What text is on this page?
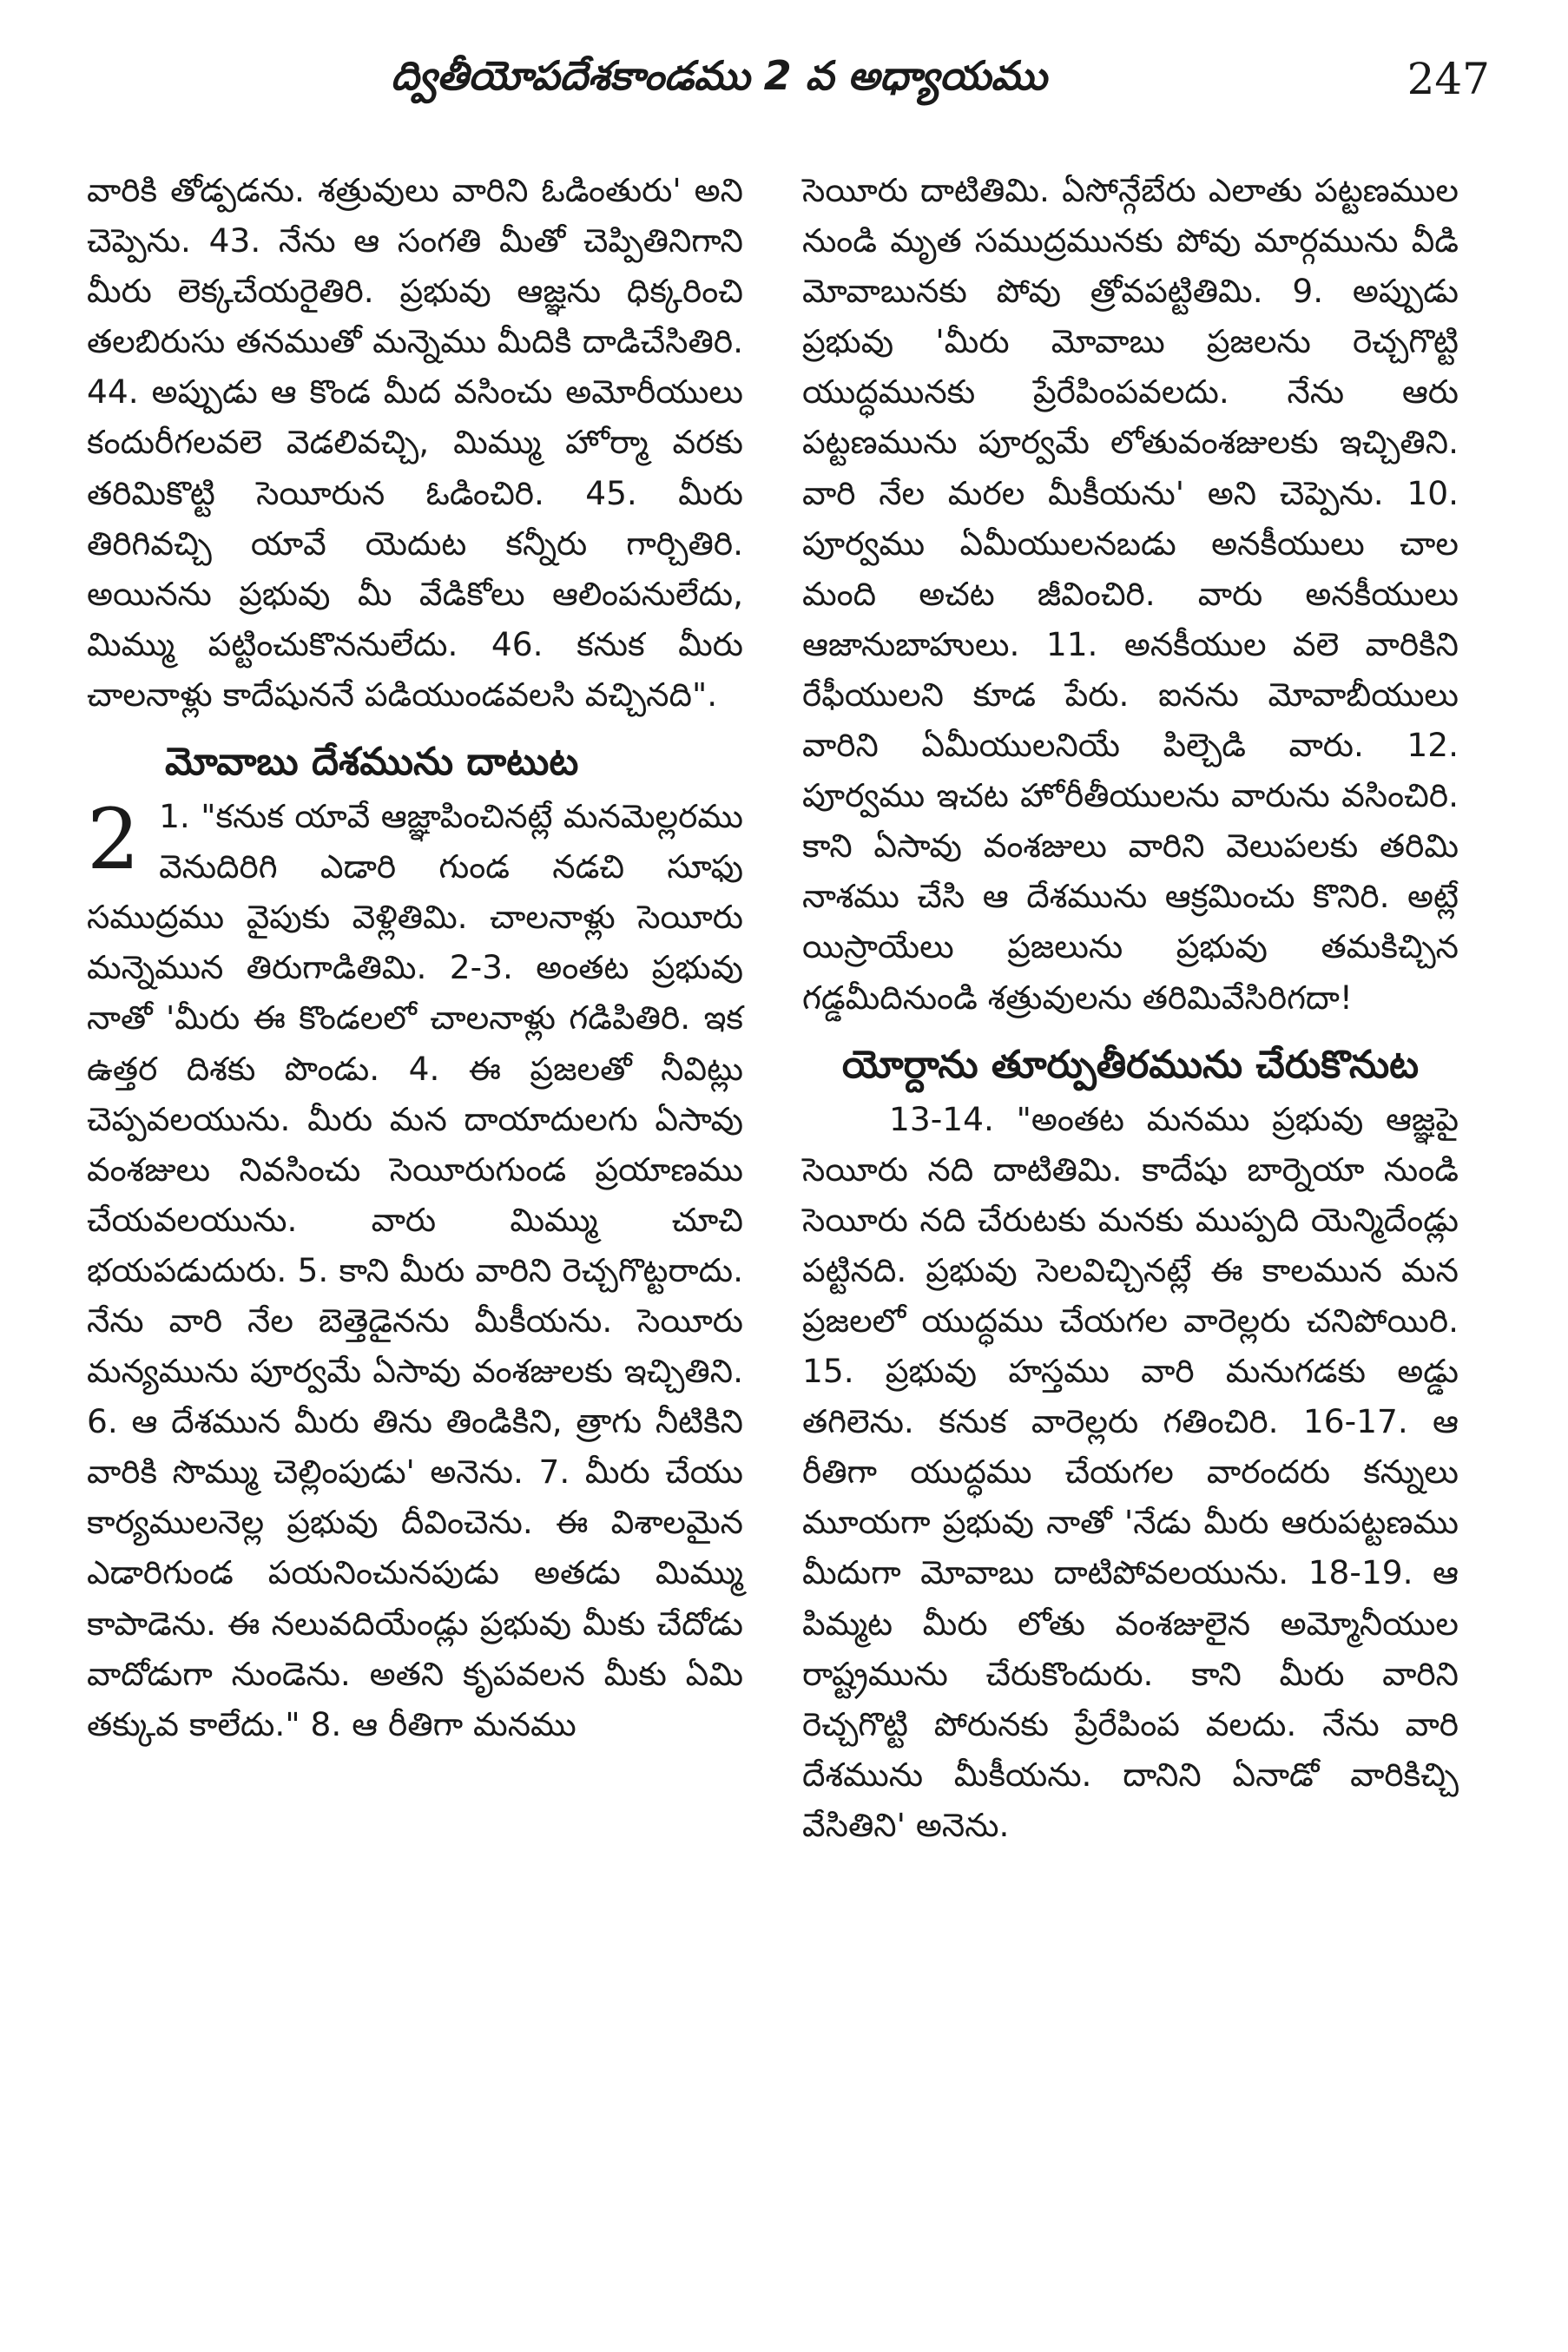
ద్వితీయోపదేశకాండము 2 వ అధ్యాయము	247

వారికి తోడ్పడను. శత్రువులు వారిని ఓడింతురు' అని చెప్పెను. 43. నేను ఆ సంగతి మీతో చెప్పితినిగాని మీరు లెక్కచేయరైతిరి. ప్రభువు ఆజ్ఞను ధిక్కరించి తలబిరుసు తనముతో మన్నెము మీదికి దాడిచేసితిరి. 44. అప్పుడు ఆ కొండ మీద వసించు అమోరీయులు కందురీగలవలె వెడలివచ్చి, మిమ్ము హోర్మా వరకు తరిమికొట్టి సెయీరున ఓడించిరి. 45. మీరు తిరిగివచ్చి యావే యెదుట కన్నీరు గార్చితిరి. అయినను ప్రభువు మీ వేడికోలు ఆలింపనులేదు, మిమ్ము పట్టించుకొననులేదు. 46. కనుక మీరు చాలనాళ్లు కాదేషుననే పడియుండవలసి వచ్చినది".

మోవాబు దేశమును దాటుట
2 1. "కనుక యావే ఆజ్ఞాపించినట్లే మనమెల్లరము వెనుదిరిగి ఎడారి గుండ నడచి సూఫు సముద్రము వైపుకు వెళ్లితిమి. చాలనాళ్లు సెయీరు మన్నెమున తిరుగాడితిమి. 2-3. అంతట ప్రభువు నాతో 'మీరు ఈ కొండలలో చాలనాళ్లు గడిపితిరి. ఇక ఉత్తర దిశకు పొండు. 4. ఈ ప్రజలతో నీవిట్లు చెప్పవలయును. మీరు మన దాయాదులగు ఏసావు వంశజులు నివసించు సెయీరుగుండ ప్రయాణము చేయవలయును. వారు మిమ్ము చూచి భయపడుదురు. 5. కాని మీరు వారిని రెచ్చగొట్టరాదు. నేను వారి నేల బెత్తెడైనను మీకీయను. సెయీరు మన్యమును పూర్వమే ఏసావు వంశజులకు ఇచ్చితిని. 6. ఆ దేశమున మీరు తిను తిండికిని, త్రాగు నీటికిని వారికి సొమ్ము చెల్లింపుడు' అనెను. 7. మీరు చేయు కార్యములనెల్ల ప్రభువు దీవించెను. ఈ విశాలమైన ఎడారిగుండ పయనించునపుడు అతడు మిమ్ము కాపాడెను. ఈ నలువదియేండ్లు ప్రభువు మీకు చేదోడు వాదోడుగా నుండెను. అతని కృపవలన మీకు ఏమి తక్కువ కాలేదు." 8. ఆ రీతిగా మనము

సెయీరు దాటితిమి. ఏసోన్గేబేరు ఎలాతు పట్టణముల నుండి మృత సముద్రమునకు పోవు మార్గమును వీడి మోవాబునకు పోవు త్రోవపట్టితిమి. 9. అప్పుడు ప్రభువు 'మీరు మోవాబు ప్రజలను రెచ్చగొట్టి యుద్ధమునకు ప్రేరేపింపవలదు. నేను ఆరు పట్టణమును పూర్వమే లోతువంశజులకు ఇచ్చితిని. వారి నేల మరల మీకీయను' అని చెప్పెను. 10. పూర్వము ఏమీయులనబడు అనకీయులు చాల మంది అచట జీవించిరి. వారు అనకీయులు ఆజానుబాహులు. 11. అనకీయుల వలె వారికిని రేఫీయులని కూడ పేరు. ఐనను మోవాబీయులు వారిని ఏమీయులనియే పిల్చెడి వారు. 12. పూర్వము ఇచట హోరీతీయులను వారును వసించిరి. కాని ఏసావు వంశజులు వారిని వెలుపలకు తరిమి నాశము చేసి ఆ దేశమును ఆక్రమించు కొనిరి. అట్లే యిస్రాయేలు ప్రజలును ప్రభువు తమకిచ్చిన గడ్డమీదినుండి శత్రువులను తరిమివేసిరిగదా!

యోర్దాను తూర్పుతీరమును చేరుకొనుట

13-14. "అంతట మనము ప్రభువు ఆజ్ఞపై సెయీరు నది దాటితిమి. కాదేషు బార్నెయా నుండి సెయీరు నది చేరుటకు మనకు ముప్పది యెన్మిదేండ్లు పట్టినది. ప్రభువు సెలవిచ్చినట్లే ఈ కాలమున మన ప్రజలలో యుద్ధము చేయగల వారెల్లరు చనిపోయిరి. 15. ప్రభువు హస్తము వారి మనుగడకు అడ్డు తగిలెను. కనుక వారెల్లరు గతించిరి. 16-17. ఆ రీతిగా యుద్ధము చేయగల వారందరు కన్నులు మూయగా ప్రభువు నాతో 'నేడు మీరు ఆరుపట్టణము మీదుగా మోవాబు దాటిపోవలయును. 18-19. ఆ పిమ్మట మీరు లోతు వంశజులైన అమ్మోనీయుల రాష్ట్రమును చేరుకొందురు. కాని మీరు వారిని రెచ్చగొట్టి పోరునకు ప్రేరేపింప వలదు. నేను వారి దేశమును మీకీయను. దానిని ఏనాడో వారికిచ్చి వేసితిని' అనెను.
